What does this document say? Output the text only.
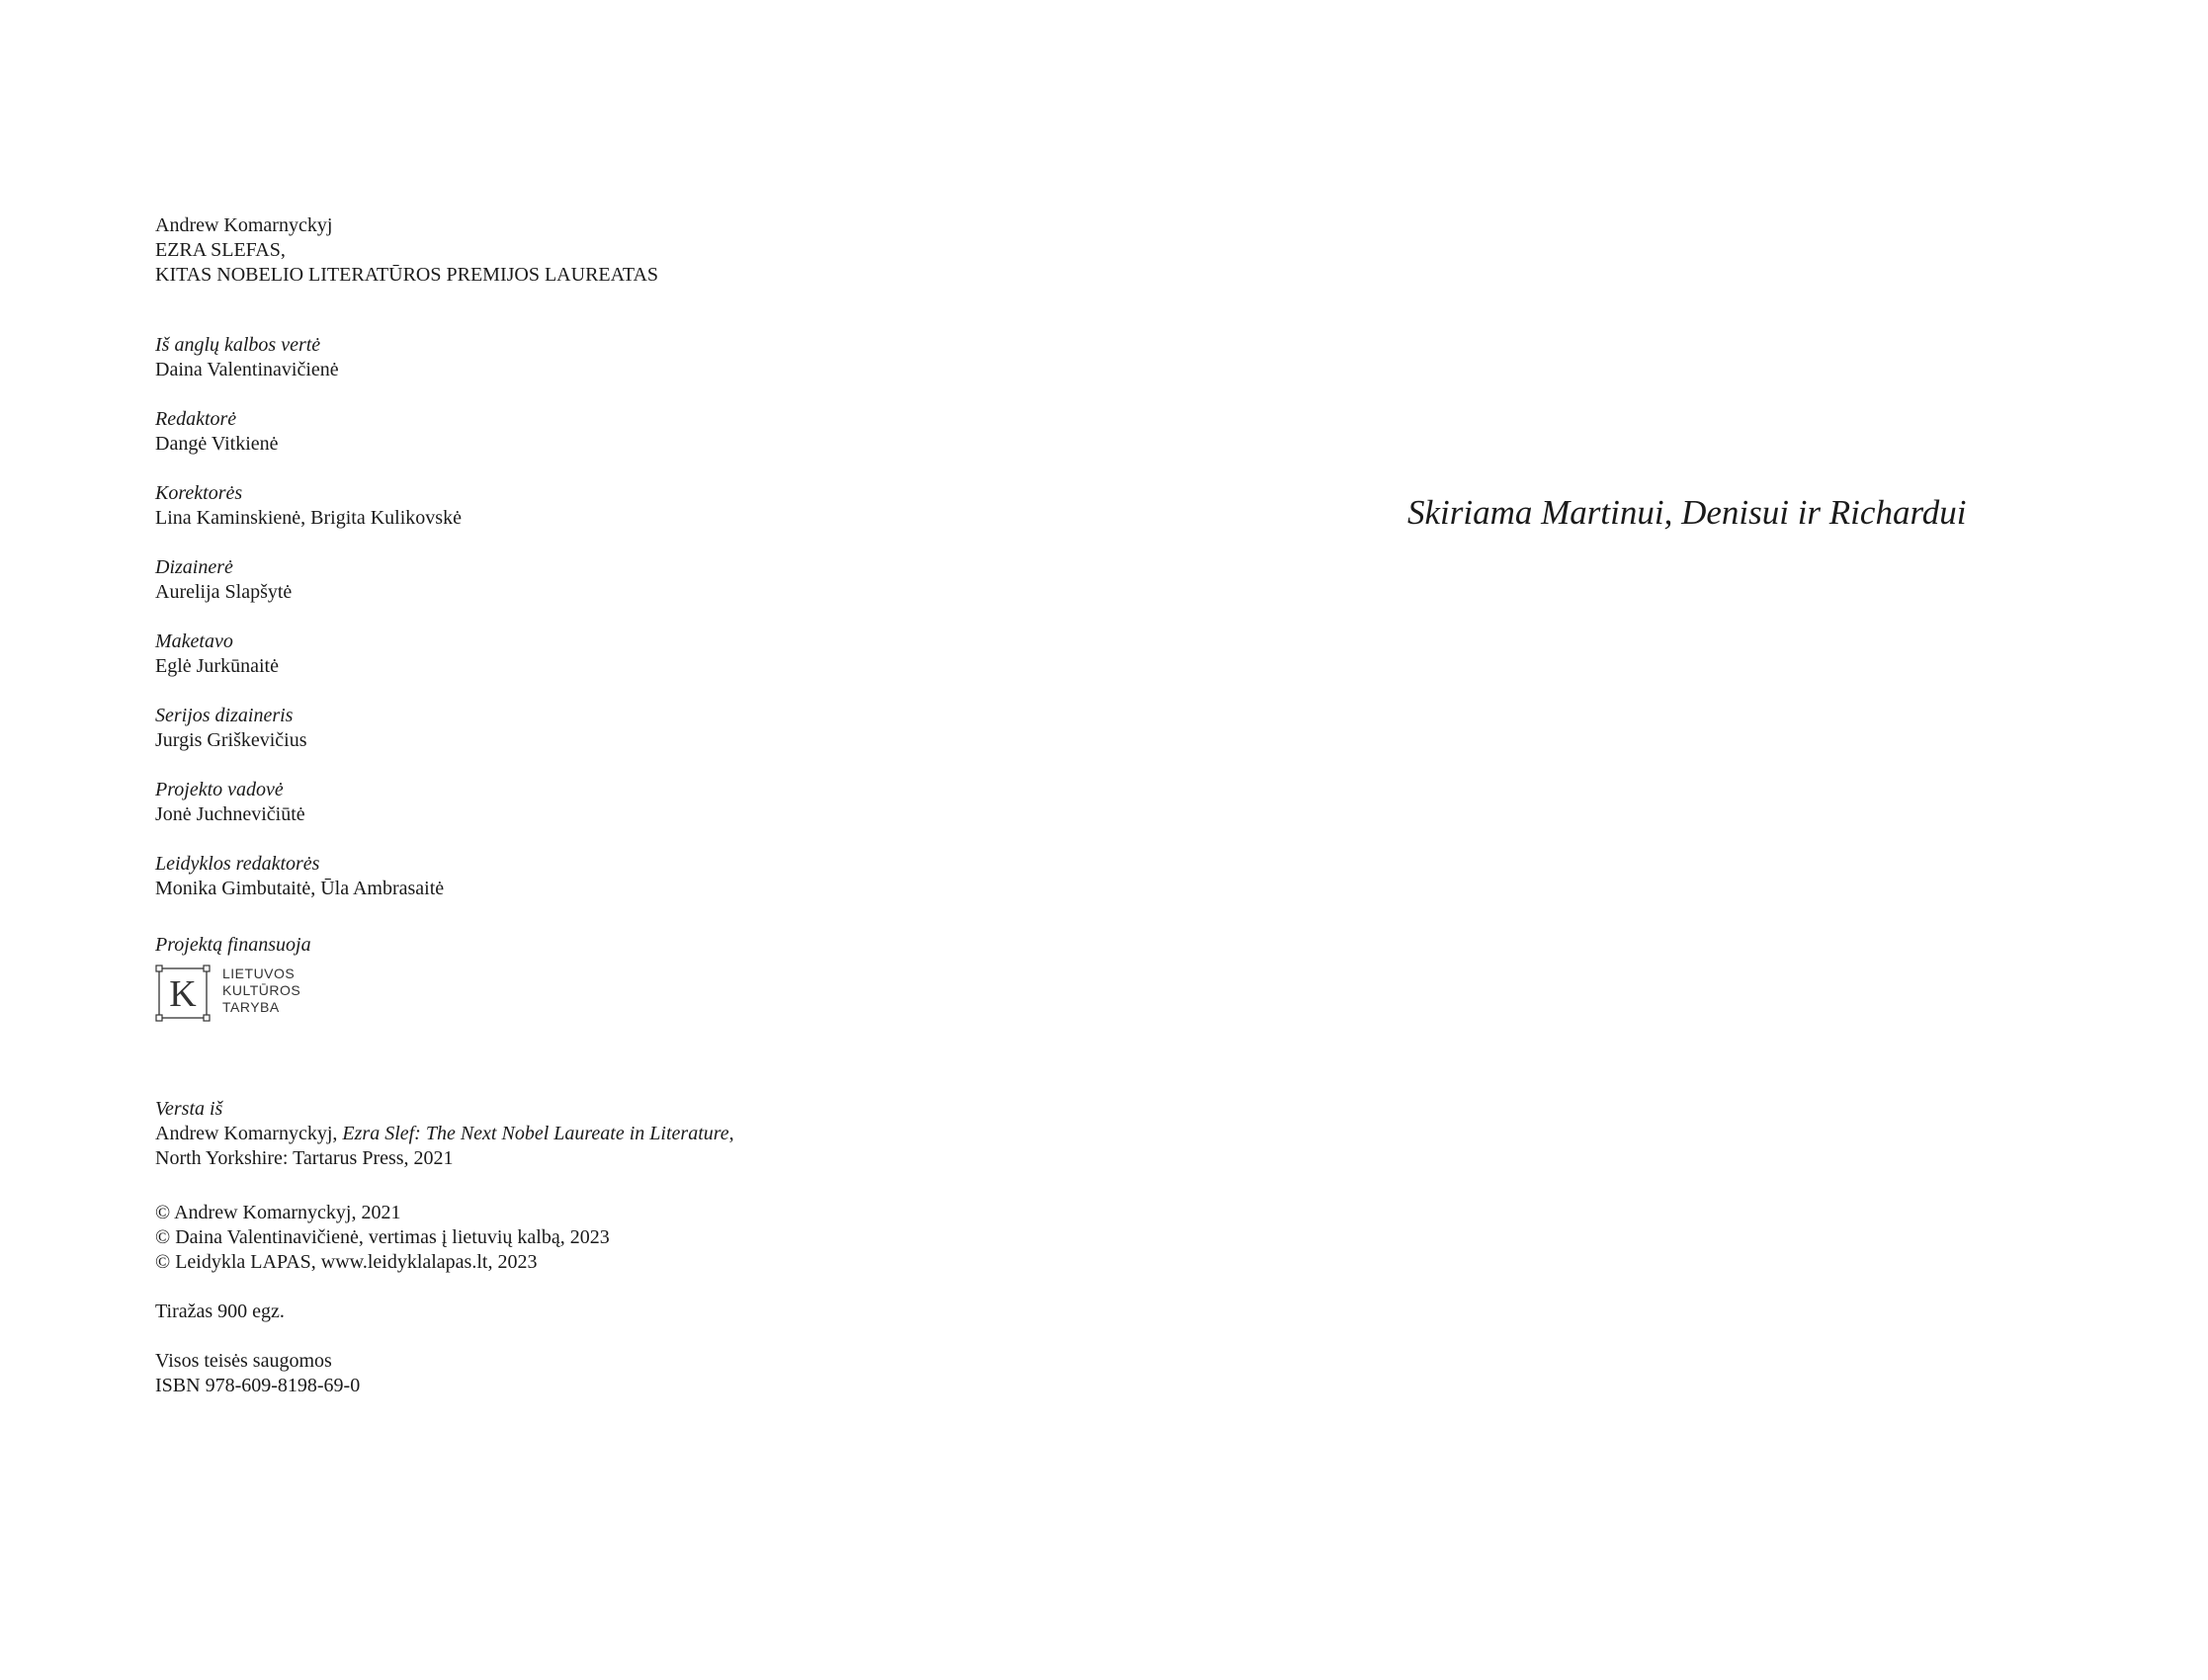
Andrew Komarnyckyj
EZRA SLEFAS,
KITAS NOBELIO LITERATŪROS PREMIJOS LAUREATAS
Iš anglų kalbos vertė
Daina Valentinavičienė
Redaktorė
Dangė Vitkienė
Korektorės
Lina Kaminskienė, Brigita Kulikovskė
Dizainerė
Aurelija Slapšytė
Maketavo
Eglė Jurkūnaitė
Serijos dizaineris
Jurgis Griškevičius
Projekto vadovė
Jonė Juchnevičiūtė
Leidyklos redaktorės
Monika Gimbutaitė, Ūla Ambrasaitė
Projektą finansuoja
K LIETUVOS
KULTŪROS
TARYBA
Versta iš
Andrew Komarnyckyj, Ezra Slef: The Next Nobel Laureate in Literature,
North Yorkshire: Tartarus Press, 2021
© Andrew Komarnyckyj, 2021
© Daina Valentinavičienė, vertimas į lietuvių kalbą, 2023
© Leidykla LAPAS, www.leidyklalapas.lt, 2023
Tiražas 900 egz.
Visos teisės saugomos
ISBN 978-609-8198-69-0
Skiriama Martinui, Denisui ir Richardui
